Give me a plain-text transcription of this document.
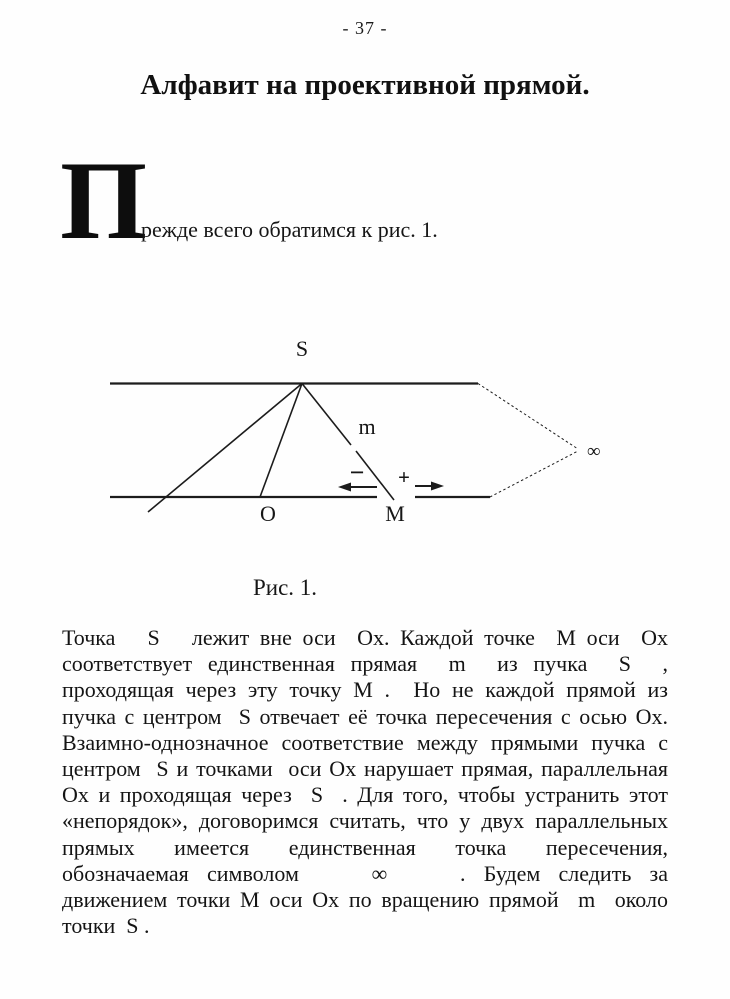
- 37 -
Алфавит на проективной прямой.
П
режде всего обратимся к рис. 1.
S
m
O	М
∞
− +
Рис. 1.
Точка   S   лежит вне оси  Ох. Каждой точке  М оси  Ох
соответствует единственная прямая  m  из пучка  S  ,
проходящая через эту точку М .  Но не каждой прямой из
пучка с центром  S отвечает её точка пересечения с осью Ох.
Взаимно-однозначное соответствие между прямыми пучка с
центром  S и точками  оси Ох нарушает прямая, параллельная
Ох и проходящая через  S  . Для того, чтобы устранить этот
«непорядок», договоримся считать, что у двух параллельных
прямых имеется единственная точка пересечения,
обозначаемая символом    ∞    . Будем следить за
движением точки М оси Ох по вращению прямой  m  около
точки  S .
